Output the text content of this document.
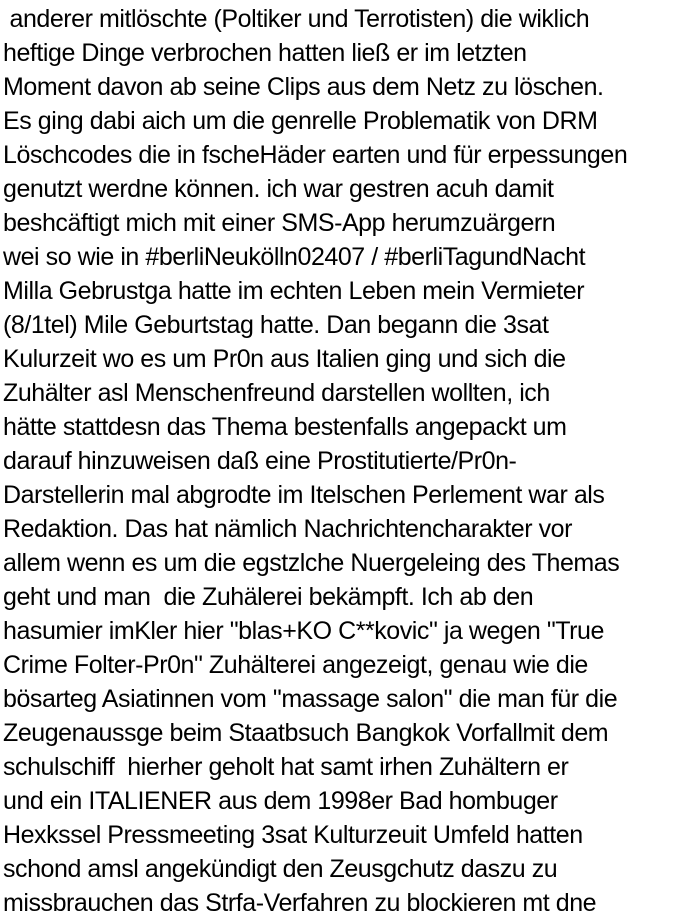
anderer mitlöschte (Poltiker und Terrotisten) die wiklich
heftige Dinge verbrochen hatten ließ er im letzten
Moment davon ab seine Clips aus dem Netz zu löschen.
Es ging dabi aich um die genrelle Problematik von DRM
Löschcodes die in fscheHäder earten und für erpessungen
genutzt werdne können. ich war gestren acuh damit
beshcäftigt mich mit einer SMS-App herumzuärgern
wei so wie in #berliNeukölln02407 / #berliTagundNacht
Milla Gebrustga hatte im echten Leben mein Vermieter
(8/1tel) Mile Geburtstag hatte. Dan begann die 3sat
Kulurzeit wo es um Pr0n aus Italien ging und sich die
Zuhälter asl Menschenfreund darstellen wollten, ich
hätte stattdesn das Thema bestenfalls angepackt um
darauf hinzuweisen daß eine Prostitutierte/Pr0n-
Darstellerin mal abgrodte im Itelschen Perlement war als
Redaktion. Das hat nämlich Nachrichtencharakter vor
allem wenn es um die egstzlche Nuergeleing des Themas
geht und man  die Zuhälerei bekämpft. Ich ab den
hasumier imKler hier "blas+KO C**kovic" ja wegen "True
Crime Folter-Pr0n" Zuhälterei angezeigt, genau wie die
bösarteg Asiatinnen vom "massage salon" die man für die
Zeugenaussge beim Staatbsuch Bangkok Vorfallmit dem
schulschiff  hierher geholt hat samt irhen Zuhältern er
und ein ITALIENER aus dem 1998er Bad hombuger
Hexkssel Pressmeeting 3sat Kulturzeuit Umfeld hatten
schond amsl angekündigt den Zeusgchutz daszu zu
missbrauchen das Strfa-Verfahren zu blockieren mt dne
